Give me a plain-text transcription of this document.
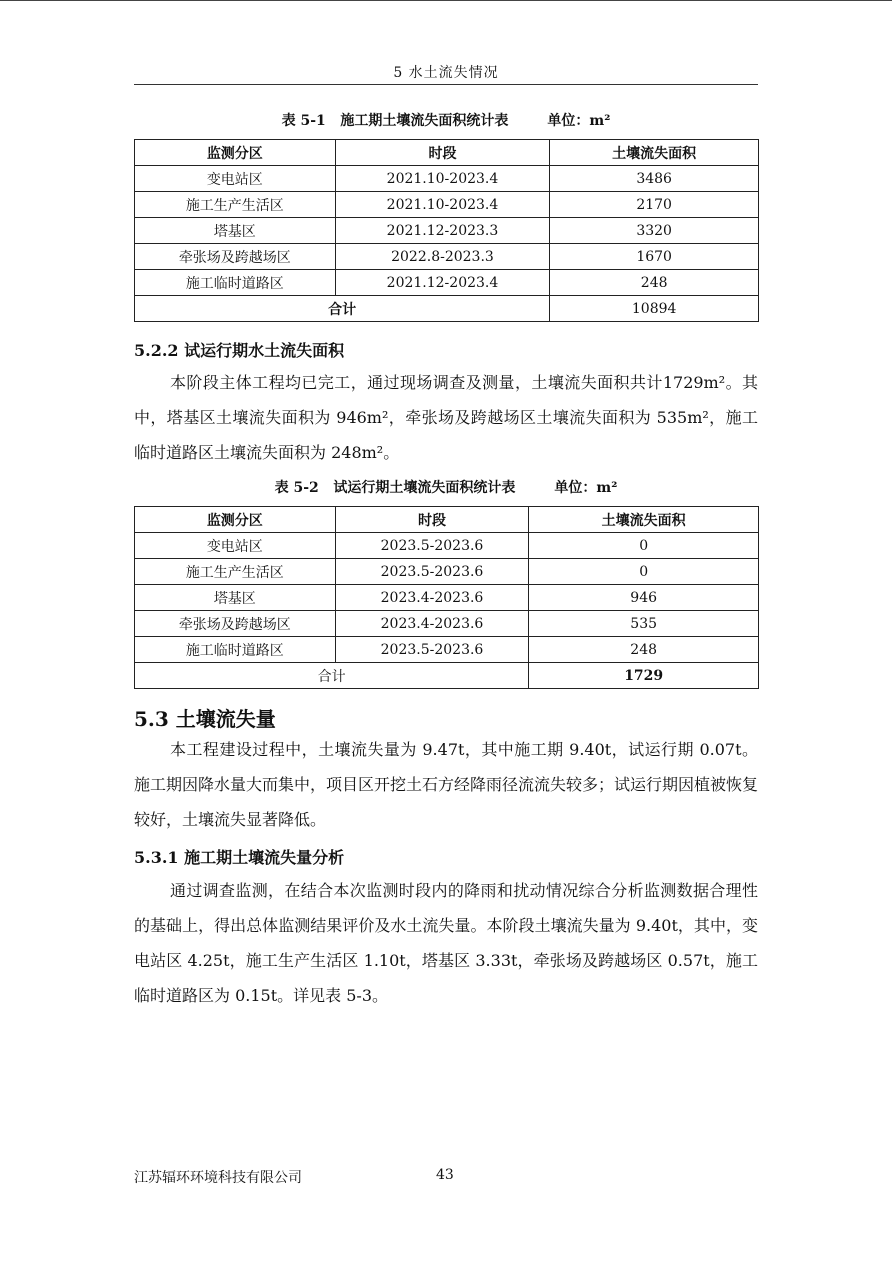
5 水土流失情况
表 5-1   施工期土壤流失面积统计表        单位：m²
监测分区	时段	土壤流失面积
变电站区	2021.10-2023.4	3486
施工生产生活区	2021.10-2023.4	2170
塔基区	2021.12-2023.3	3320
牵张场及跨越场区	2022.8-2023.3	1670
施工临时道路区	2021.12-2023.4	248
合计		10894
5.2.2 试运行期水土流失面积

本阶段主体工程均已完工，通过现场调查及测量，土壤流失面积共计1729m²。其中，塔基区土壤流失面积为 946m²，牵张场及跨越场区土壤流失面积为 535m²，施工临时道路区土壤流失面积为 248m²。

表 5-2   试运行期土壤流失面积统计表        单位：m²
监测分区	时段	土壤流失面积
变电站区	2023.5-2023.6	0
施工生产生活区	2023.5-2023.6	0
塔基区	2023.4-2023.6	946
牵张场及跨越场区	2023.4-2023.6	535
施工临时道路区	2023.5-2023.6	248
合计		1729
5.3 土壤流失量

本工程建设过程中，土壤流失量为 9.47t，其中施工期 9.40t，试运行期 0.07t。施工期因降水量大而集中，项目区开挖土石方经降雨径流流失较多；试运行期因植被恢复较好，土壤流失显著降低。

5.3.1 施工期土壤流失量分析

通过调查监测，在结合本次监测时段内的降雨和扰动情况综合分析监测数据合理性的基础上，得出总体监测结果评价及水土流失量。本阶段土壤流失量为 9.40t，其中，变电站区 4.25t，施工生产生活区 1.10t，塔基区 3.33t，牵张场及跨越场区 0.57t，施工临时道路区为 0.15t。详见表 5-3。

江苏辐环环境科技有限公司	43
